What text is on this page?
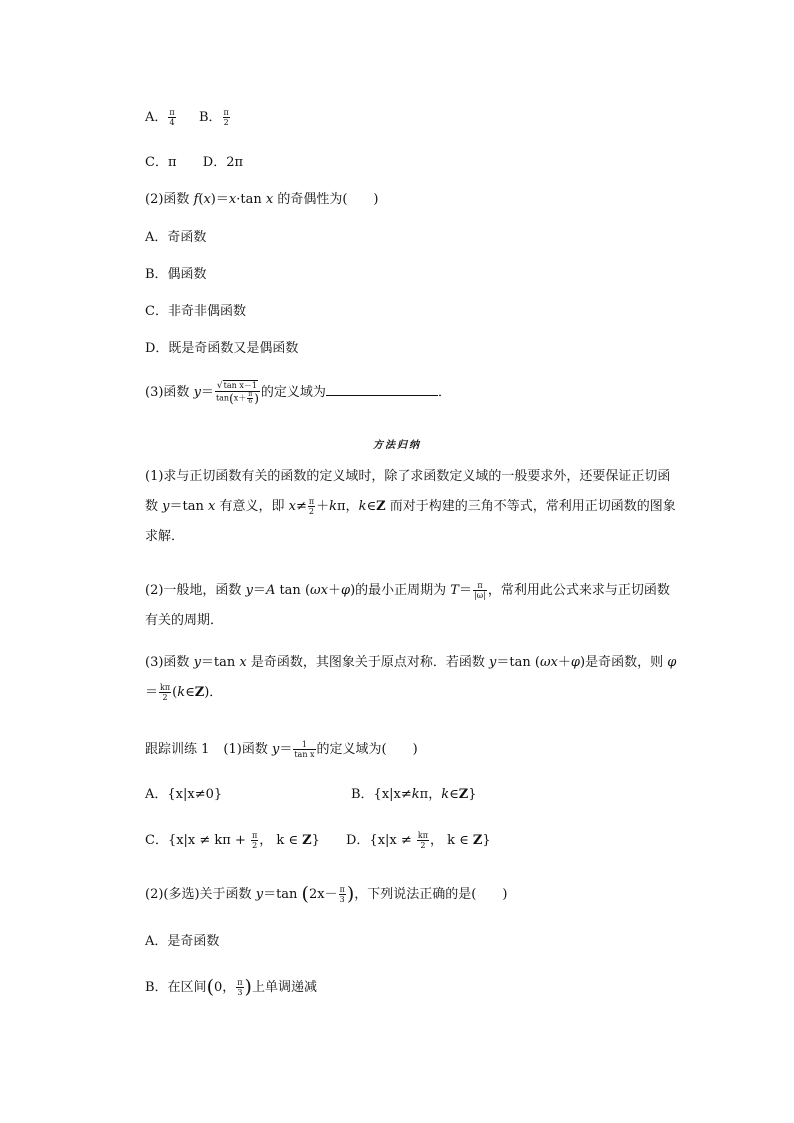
A． $\frac{\pi}{4}$ B． $\frac{\pi}{2}$
C．π D．2π
(2)函数 f(x)＝x·tan x 的奇偶性为(　　)
A．奇函数
B．偶函数
C．非奇非偶函数
D．既是奇函数又是偶函数
(3)函数 $y= \frac{\text{√tan x－1}}{\tan(x+ \frac{\pi}{6} )}$ 的定义域为	．
方法归纳
(1)求与正切函数有关的函数的定义域时，除了求函数定义域的一般要求外，还要保证正切函数 y＝tan x 有意义，即 $x\ne \frac{\pi}{2} +k\pi$，k∈Z 而对于构建的三角不等式，常利用正切函数的图象求解．
(2)一般地，函数 y＝A tan (ωx＋φ)的最小正周期为 $T= \frac{\pi}{|\omega|}$ ，常利用此公式来求与正切函数有关的周期．
(3)函数 y＝tan x 是奇函数，其图象关于原点对称．若函数 y＝tan (ωx＋φ)是奇函数，则 $\varphi= \frac{k\pi}{2}$ (k∈Z)．
跟踪训练 1 (1)函数 $y= \frac{1}{\text{tan x}}$ 的定义域为(　　)
A．{x|x≠0}	B．{x|x≠kπ，k∈Z}
C．{$x|x \ne k\pi + \frac{\pi}{2}$ ， k ∈ Z} D．{$x|x \ne \frac{k\pi}{2}$ ， k ∈ Z}
(2)(多选)关于函数 y＝tan ($2x- \frac{\pi}{3}$ )，下列说法正确的是(　　)
A．是奇函数
B．在区间(0， $\frac{\pi}{3}$ )上单调递减
